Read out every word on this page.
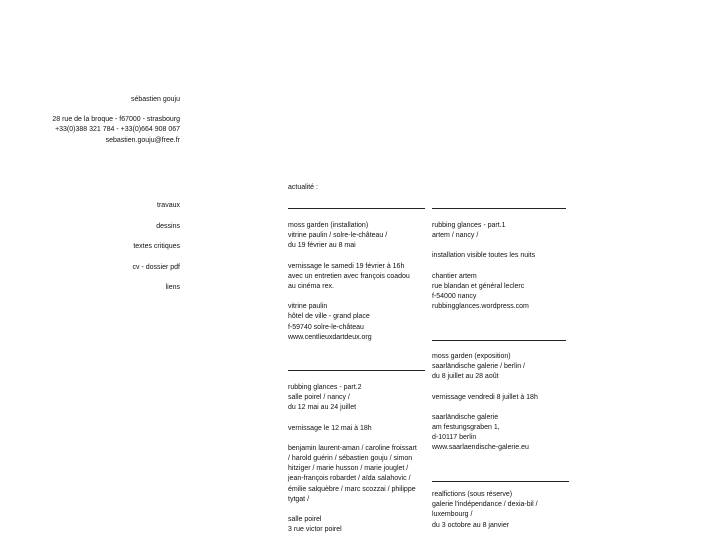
sébastien gouju
28 rue de la broque - f67000 - strasbourg
+33(0)388 321 784 - +33(0)664 908 067
sebastien.gouju@free.fr
travaux
dessins
textes critiques
cv - dossier pdf
liens
actualité :
moss garden (installation)
vitrine paulin / solre-le-château /
du 19 février au 8 mai
vernissage le samedi 19 février à 16h
avec un entretien avec françois coadou
au cinéma rex.
vitrine paulin
hôtel de ville - grand place
f-59740 solre-le-château
www.centlieuxdartdeux.org
rubbing glances - part.2
salle poirel / nancy /
du 12 mai au 24 juillet
vernissage le 12 mai à 18h
benjamin laurent-aman / caroline froissart
/ harold guérin / sébastien gouju / simon
hitziger / marie husson / marie jouglet /
jean-françois robardet / aïda salahovic /
émilie salquèbre / marc scozzai / philippe
tytgat /
salle poirel
3 rue victor poirel
rubbing glances - part.1
artem / nancy /
installation visible toutes les nuits
chantier artem
rue blandan et général leclerc
f-54000 nancy
rubbingglances.wordpress.com
moss garden (exposition)
saarländische galerie / berlin /
du 8 juillet au 28 août
vernissage vendredi 8 juillet à 18h
saarländische galerie
am festungsgraben 1,
d-10117 berlin
www.saarlaendische-galerie.eu
realfictions (sous réserve)
galerie l'indépendance / dexia-bil /
luxembourg /
du 3 octobre au 8 janvier
